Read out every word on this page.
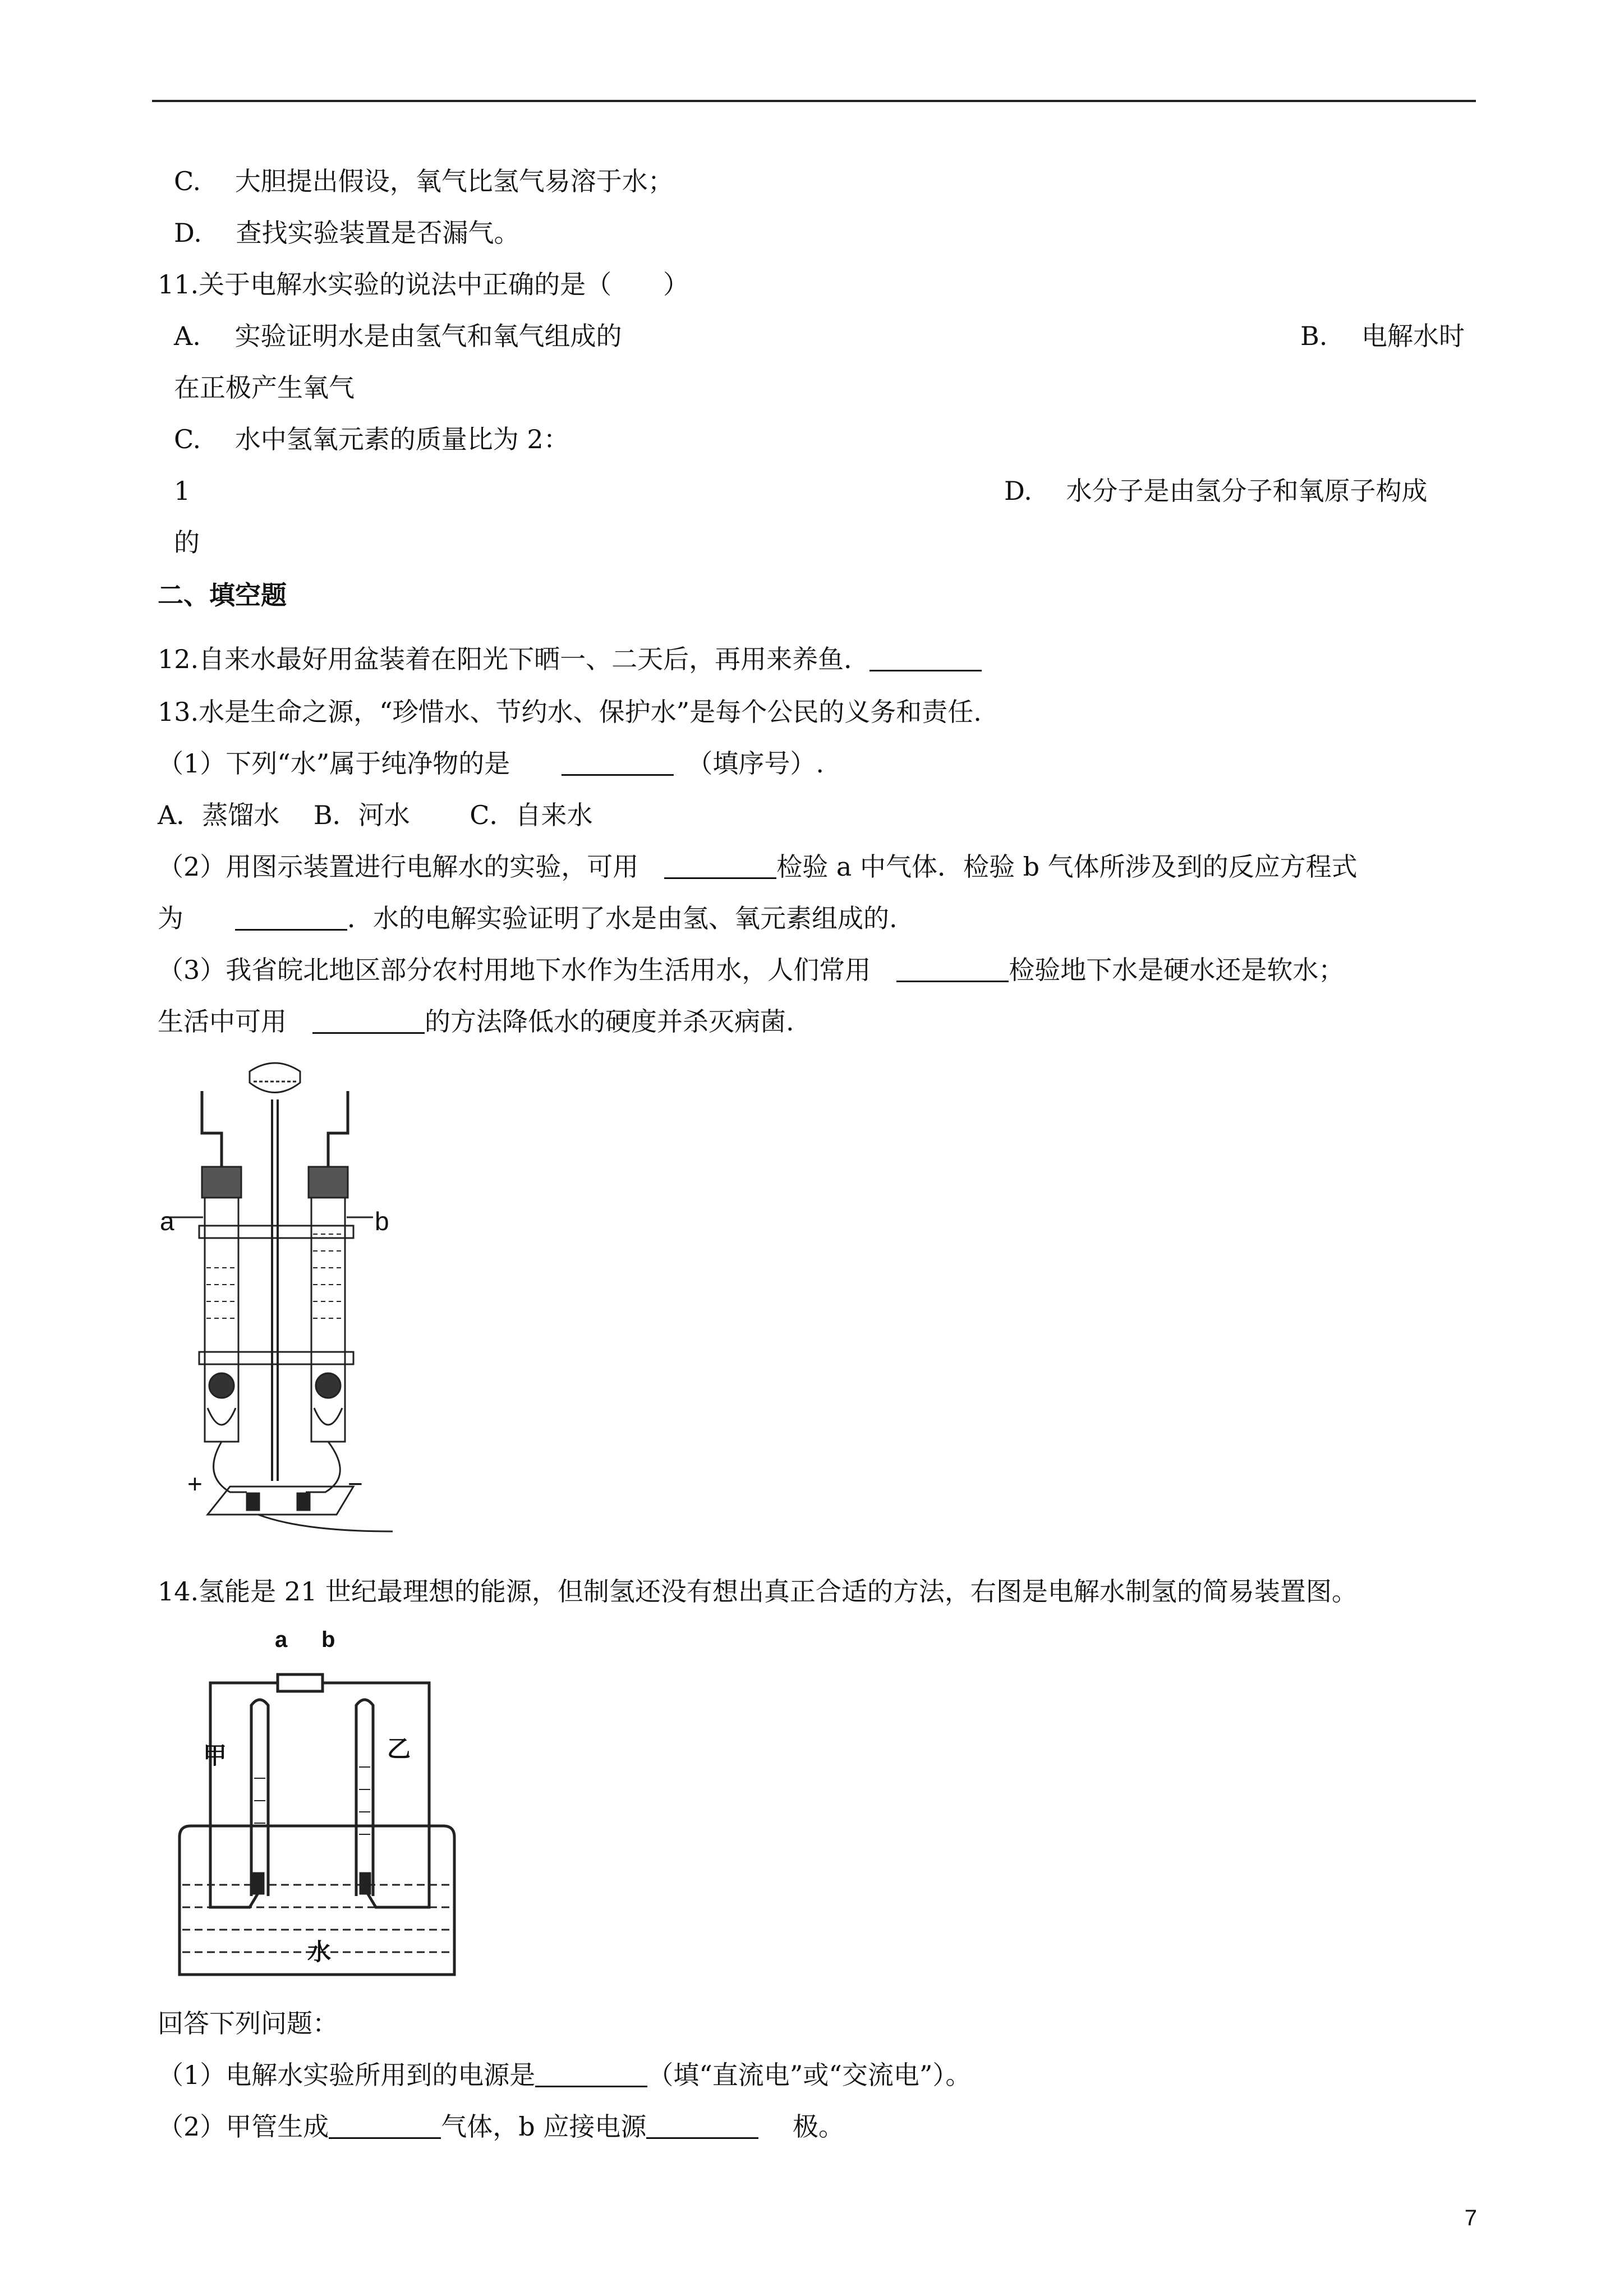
C.　 大胆提出假设，氧气比氢气易溶于水；
D.　 查找实验装置是否漏气。
11.关于电解水实验的说法中正确的是（　　）
A.　 实验证明水是由氢气和氧气组成的	B.　 电解水时
在正极产生氧气
C.　 水中氢氧元素的质量比为 2：
1	D.　 水分子是由氢分子和氧原子构成
的
二、填空题
12.自来水最好用盆装着在阳光下晒一、二天后，再用来养鱼．
13.水是生命之源，“珍惜水、节约水、保护水”是每个公民的义务和责任.
（1）下列“水”属于纯净物的是　　	　（填序号）.
A．蒸馏水　 B．河水　　 C．自来水
（2）用图示装置进行电解水的实验，可用　	检验 a 中气体．检验 b 气体所涉及到的反应方程式
为　　	．水的电解实验证明了水是由氢、氧元素组成的.
（3）我省皖北地区部分农村用地下水作为生活用水，人们常用　	检验地下水是硬水还是软水；
生活中可用　	的方法降低水的硬度并杀灭病菌.
a	b
+	−
14.氢能是 21 世纪最理想的能源，但制氢还没有想出真正合适的方法，右图是电解水制氢的简易装置图。
a b
甲	乙
水
回答下列问题：
（1）电解水实验所用到的电源是	（填“直流电”或“交流电”）。
（2）甲管生成	气体，b 应接电源	　 极。
7
